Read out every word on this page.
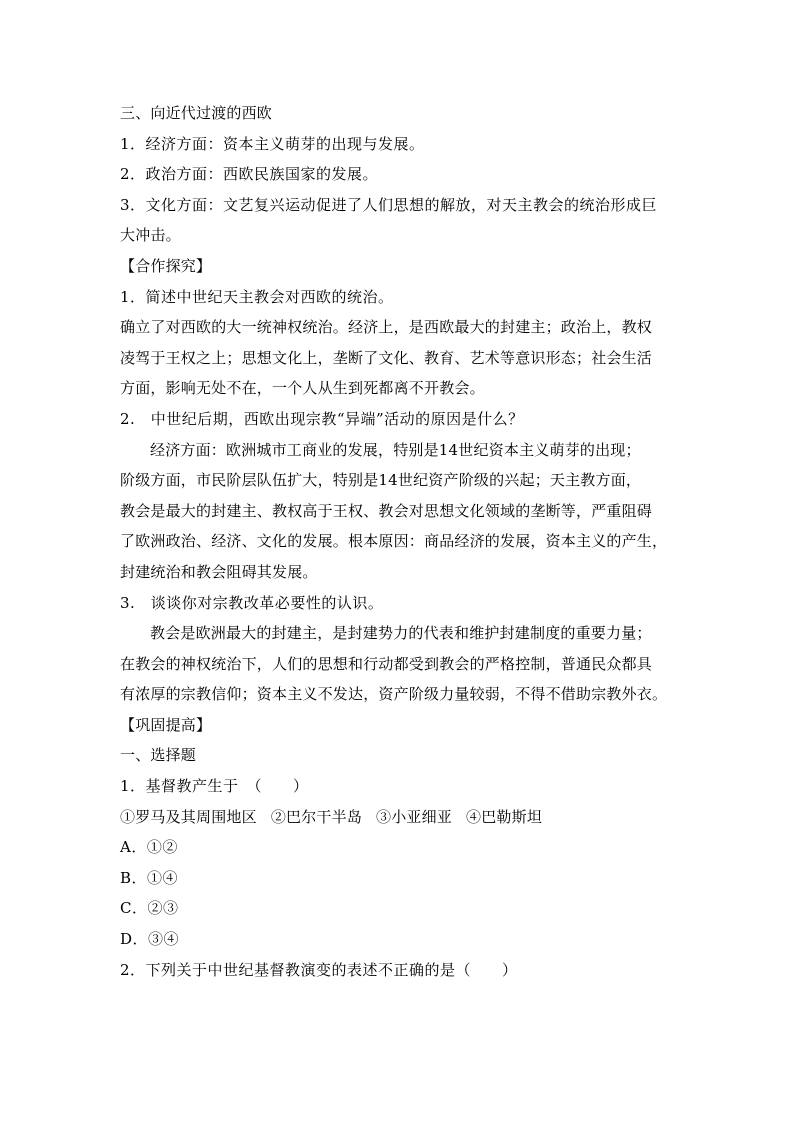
三、向近代过渡的西欧
1．经济方面：资本主义萌芽的出现与发展。
2．政治方面：西欧民族国家的发展。
3．文化方面：文艺复兴运动促进了人们思想的解放，对天主教会的统治形成巨
大冲击。
【合作探究】
1．简述中世纪天主教会对西欧的统治。
确立了对西欧的大一统神权统治。经济上，是西欧最大的封建主；政治上，教权
凌驾于王权之上；思想文化上，垄断了文化、教育、艺术等意识形态；社会生活
方面，影响无处不在，一个人从生到死都离不开教会。
2.　中世纪后期，西欧出现宗教“异端”活动的原因是什么？
经济方面：欧洲城市工商业的发展，特别是14世纪资本主义萌芽的出现；
阶级方面，市民阶层队伍扩大，特别是14世纪资产阶级的兴起；天主教方面，
教会是最大的封建主、教权高于王权、教会对思想文化领域的垄断等，严重阻碍
了欧洲政治、经济、文化的发展。根本原因：商品经济的发展，资本主义的产生，
封建统治和教会阻碍其发展。
3.　谈谈你对宗教改革必要性的认识。
教会是欧洲最大的封建主，是封建势力的代表和维护封建制度的重要力量；
在教会的神权统治下，人们的思想和行动都受到教会的严格控制，普通民众都具
有浓厚的宗教信仰；资本主义不发达，资产阶级力量较弱，不得不借助宗教外衣。
【巩固提高】
一、选择题
1．基督教产生于　（　　）
①罗马及其周围地区 ②巴尔干半岛 ③小亚细亚 ④巴勒斯坦
A．①②
B．①④
C．②③
D．③④
2．下列关于中世纪基督教演变的表述不正确的是（　　）
